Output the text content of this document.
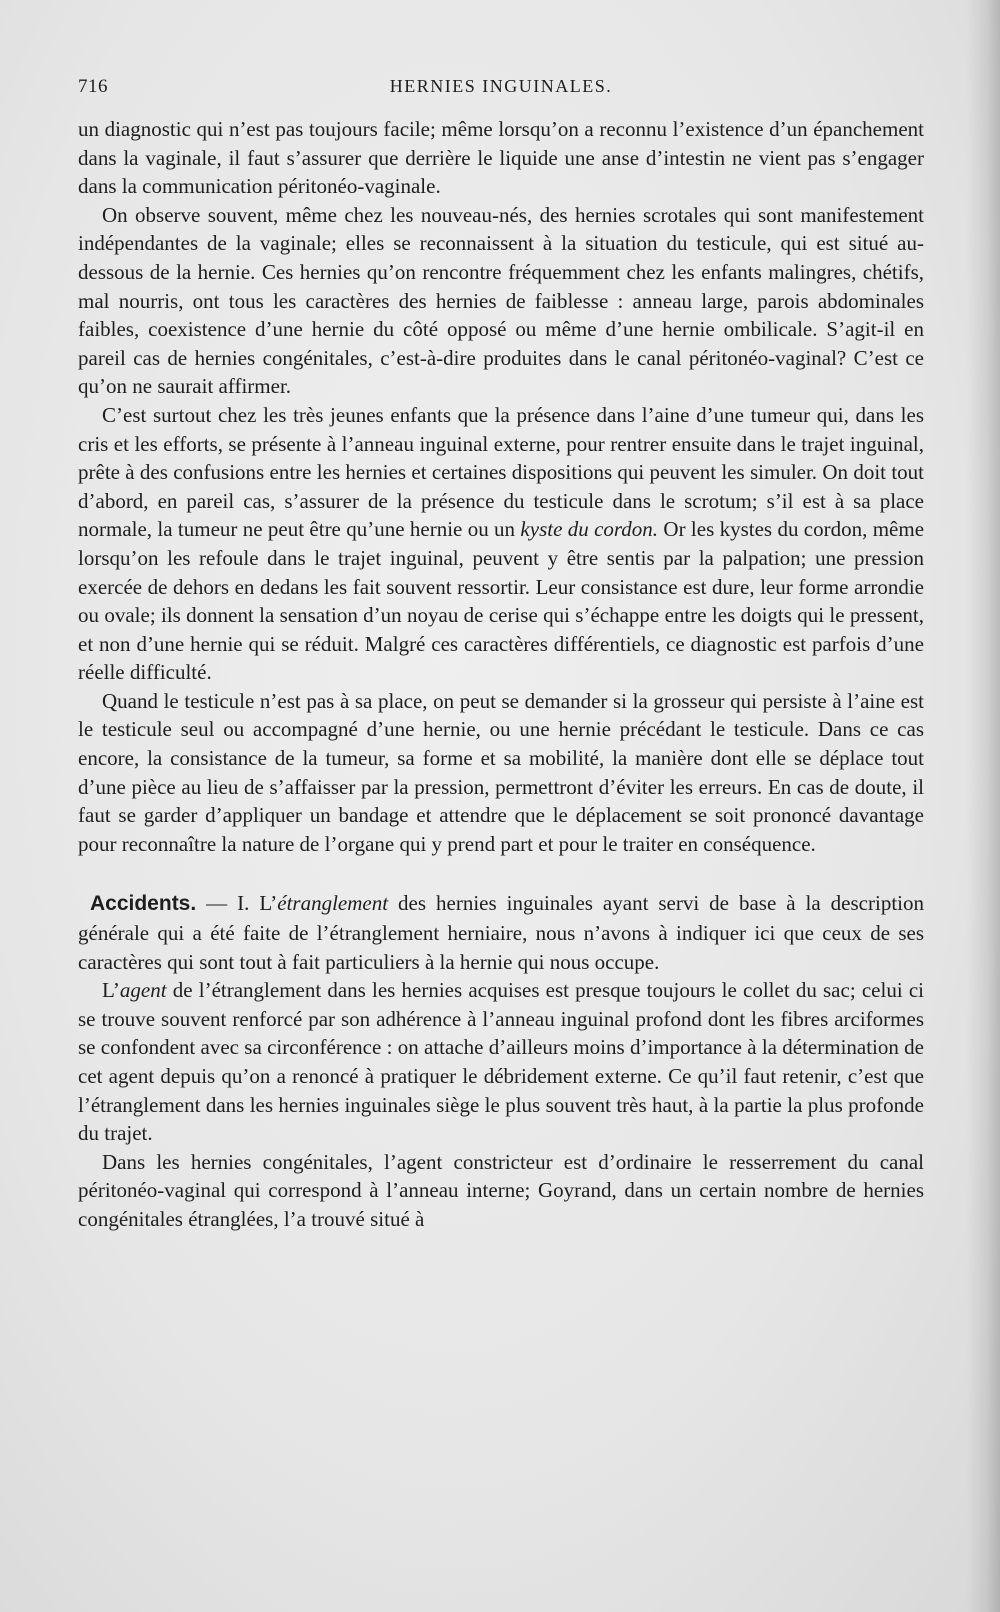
716	HERNIES INGUINALES.

un diagnostic qui n’est pas toujours facile; même lorsqu’on a reconnu l’existence d’un épanchement dans la vaginale, il faut s’assurer que derrière le liquide une anse d’intestin ne vient pas s’engager dans la communication péritonéo-vaginale.

On observe souvent, même chez les nouveau-nés, des hernies scrotales qui sont manifestement indépendantes de la vaginale; elles se reconnaissent à la situation du testicule, qui est situé au-dessous de la hernie. Ces hernies qu’on rencontre fréquemment chez les enfants malingres, chétifs, mal nourris, ont tous les caractères des hernies de faiblesse : anneau large, parois abdominales faibles, coexistence d’une hernie du côté opposé ou même d’une hernie ombilicale. S’agit-il en pareil cas de hernies congénitales, c’est-à-dire produites dans le canal péritonéo-vaginal? C’est ce qu’on ne saurait affirmer.

C’est surtout chez les très jeunes enfants que la présence dans l’aine d’une tumeur qui, dans les cris et les efforts, se présente à l’anneau inguinal externe, pour rentrer ensuite dans le trajet inguinal, prête à des confusions entre les hernies et certaines dispositions qui peuvent les simuler. On doit tout d’abord, en pareil cas, s’assurer de la présence du testicule dans le scrotum; s’il est à sa place normale, la tumeur ne peut être qu’une hernie ou un kyste du cordon. Or les kystes du cordon, même lorsqu’on les refoule dans le trajet inguinal, peuvent y être sentis par la palpation; une pression exercée de dehors en dedans les fait souvent ressortir. Leur consistance est dure, leur forme arrondie ou ovale; ils donnent la sensation d’un noyau de cerise qui s’échappe entre les doigts qui le pressent, et non d’une hernie qui se réduit. Malgré ces caractères différentiels, ce diagnostic est parfois d’une réelle difficulté.

Quand le testicule n’est pas à sa place, on peut se demander si la grosseur qui persiste à l’aine est le testicule seul ou accompagné d’une hernie, ou une hernie précédant le testicule. Dans ce cas encore, la consistance de la tumeur, sa forme et sa mobilité, la manière dont elle se déplace tout d’une pièce au lieu de s’affaisser par la pression, permettront d’éviter les erreurs. En cas de doute, il faut se garder d’appliquer un bandage et attendre que le déplacement se soit prononcé davantage pour reconnaître la nature de l’organe qui y prend part et pour le traiter en conséquence.

Accidents. — I. L’étranglement des hernies inguinales ayant servi de base à la description générale qui a été faite de l’étranglement herniaire, nous n’avons à indiquer ici que ceux de ses caractères qui sont tout à fait particuliers à la hernie qui nous occupe.

L’agent de l’étranglement dans les hernies acquises est presque toujours le collet du sac; celui ci se trouve souvent renforcé par son adhérence à l’anneau inguinal profond dont les fibres arciformes se confondent avec sa circonférence : on attache d’ailleurs moins d’importance à la détermination de cet agent depuis qu’on a renoncé à pratiquer le débridement externe. Ce qu’il faut retenir, c’est que l’étranglement dans les hernies inguinales siège le plus souvent très haut, à la partie la plus profonde du trajet.

Dans les hernies congénitales, l’agent constricteur est d’ordinaire le resserrement du canal péritonéo-vaginal qui correspond à l’anneau interne; Goyrand, dans un certain nombre de hernies congénitales étranglées, l’a trouvé situé à
